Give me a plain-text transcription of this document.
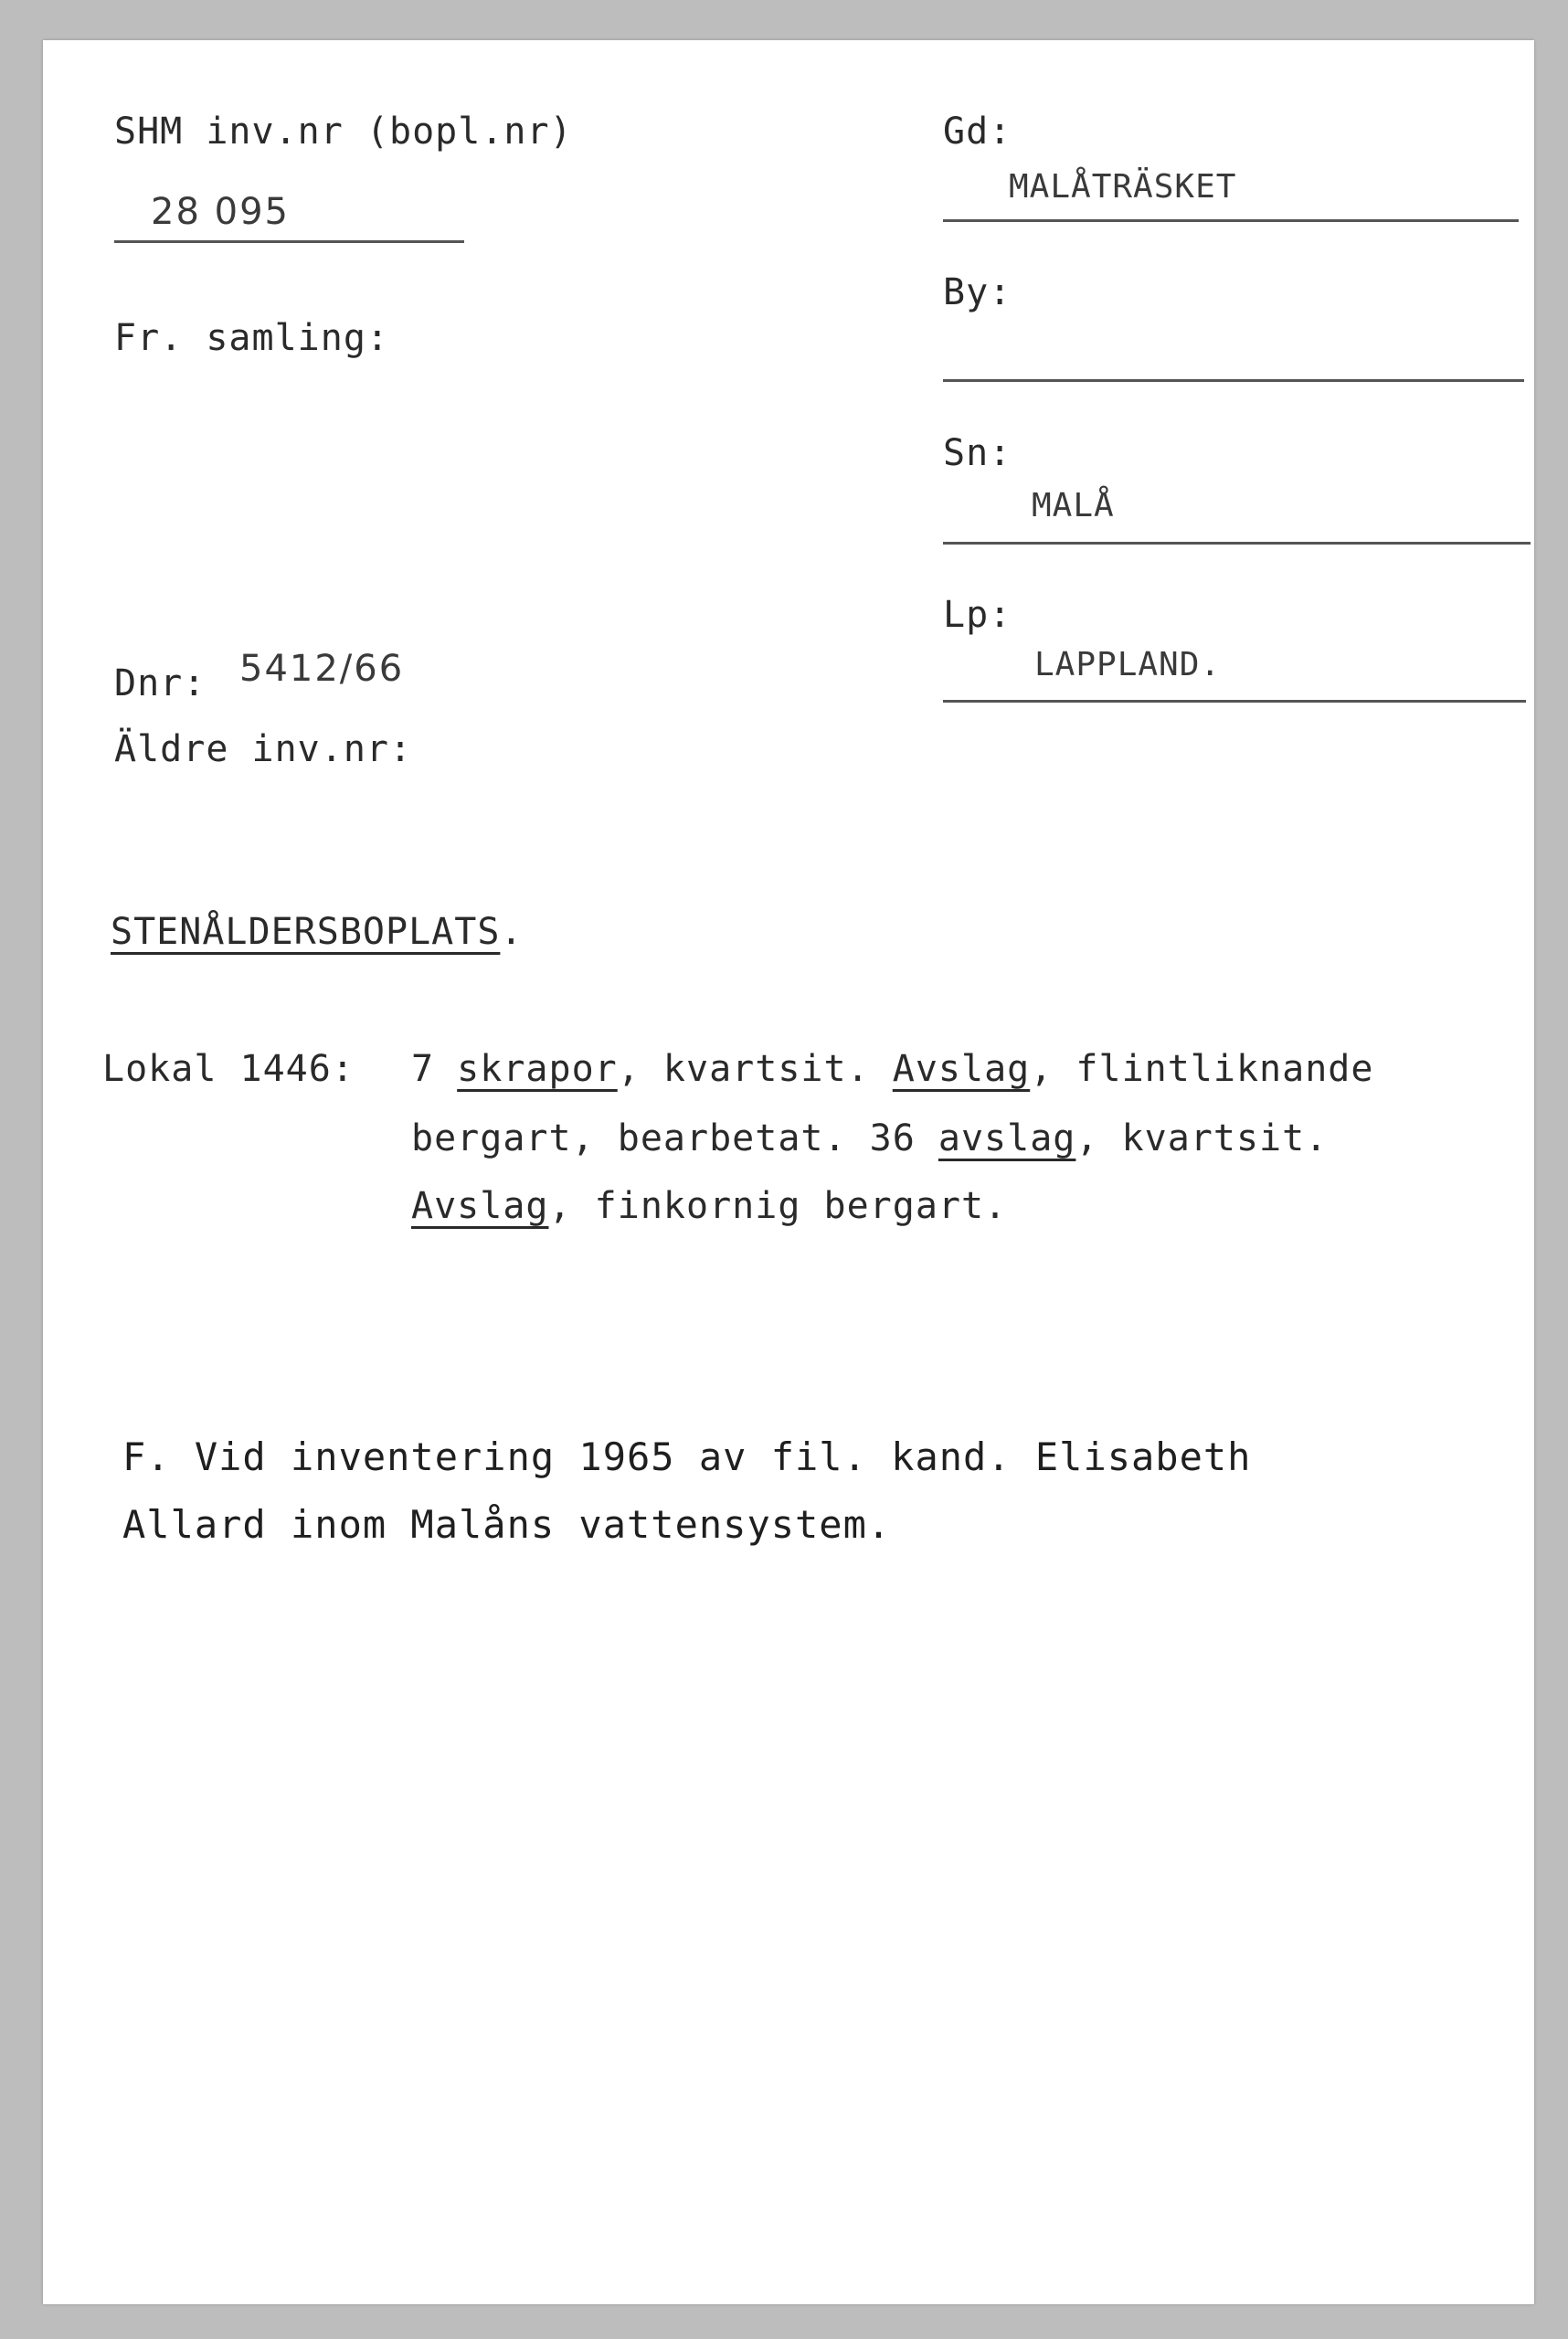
SHM inv.nr (bopl.nr)
28 095
Fr. samling:
Dnr: 5412/66
Äldre inv.nr:
Gd:
MALÅTRÄSKET
By:
Sn:
MALÅ
Lp:
LAPPLAND.
STENÅLDERSBOPLATS.
Lokal 1446: 7 skrapor, kvartsit. Avslag, flintliknande
bergart, bearbetat. 36 avslag, kvartsit.
Avslag, finkornig bergart.
F. Vid inventering 1965 av fil. kand. Elisabeth
Allard inom Malåns vattensystem.
